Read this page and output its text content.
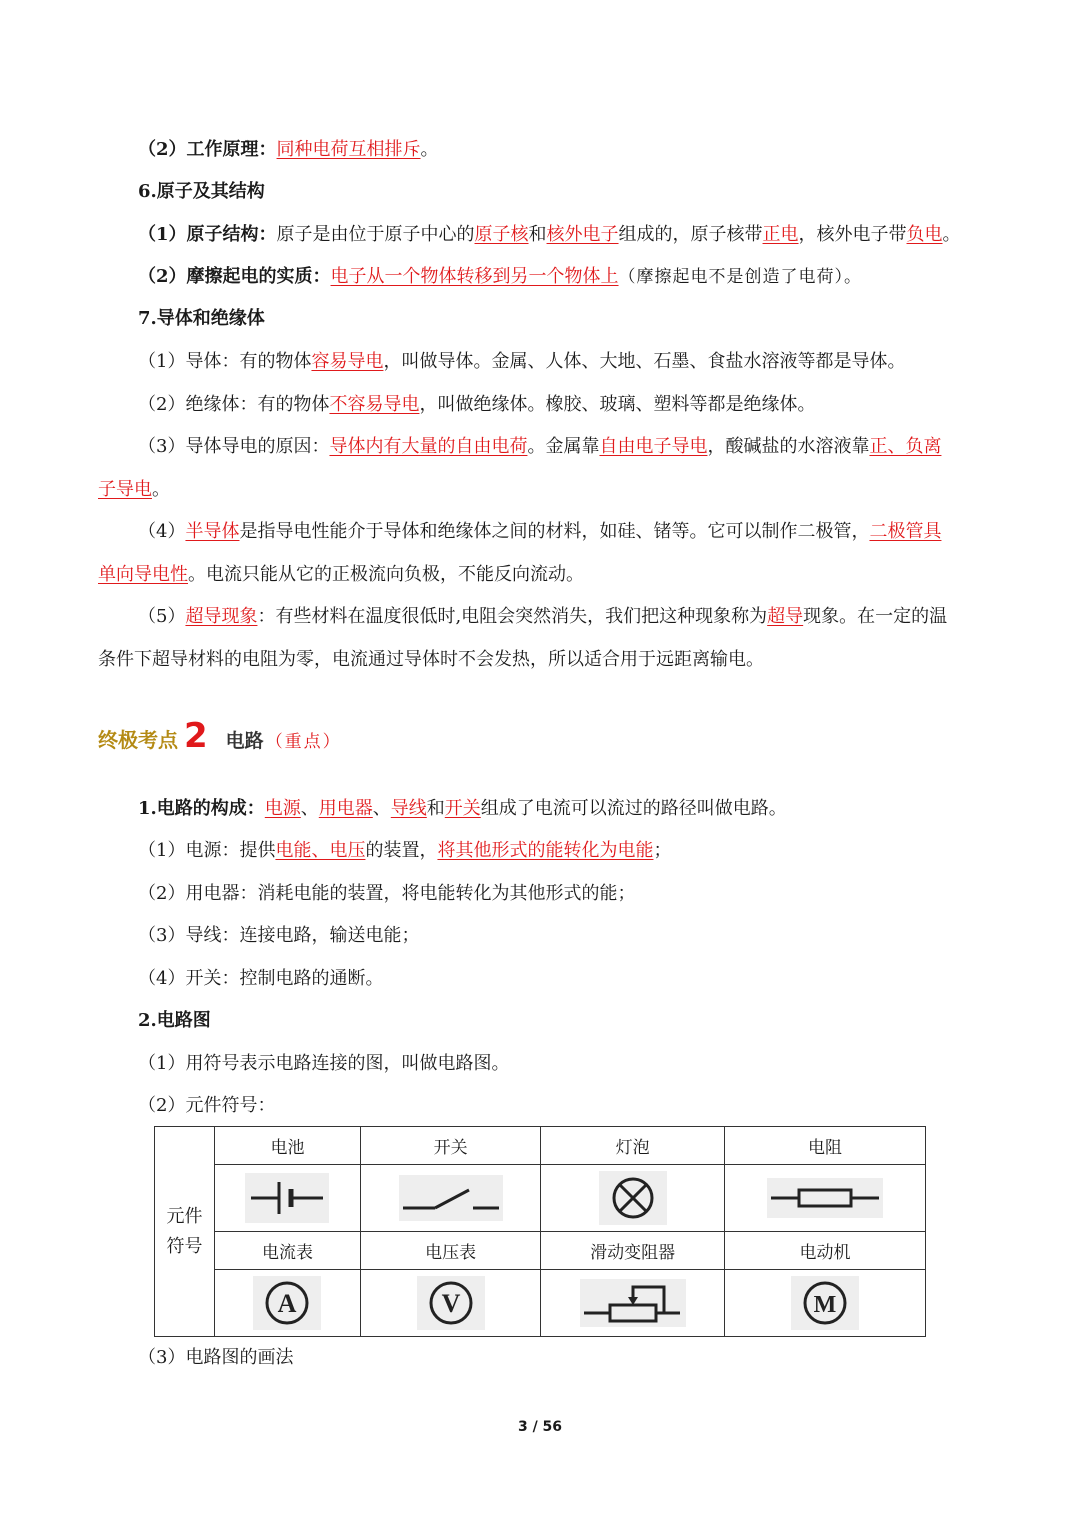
（2）工作原理：同种电荷互相排斥。
6.原子及其结构
（1）原子结构：原子是由位于原子中心的原子核和核外电子组成的，原子核带正电，核外电子带负电。
（2）摩擦起电的实质：电子从一个物体转移到另一个物体上（摩擦起电不是创造了电荷）。
7.导体和绝缘体
（1）导体：有的物体容易导电，叫做导体。金属、人体、大地、石墨、食盐水溶液等都是导体。
（2）绝缘体：有的物体不容易导电，叫做绝缘体。橡胶、玻璃、塑料等都是绝缘体。
（3）导体导电的原因：导体内有大量的自由电荷。金属靠自由电子导电，酸碱盐的水溶液靠正、负离
子导电。
（4）半导体是指导电性能介于导体和绝缘体之间的材料，如硅、锗等。它可以制作二极管，二极管具
单向导电性。电流只能从它的正极流向负极，不能反向流动。
（5）超导现象：有些材料在温度很低时,电阻会突然消失，我们把这种现象称为超导现象。在一定的温
条件下超导材料的电阻为零，电流通过导体时不会发热，所以适合用于远距离输电。
终极考点 2 电路 （重点）
1.电路的构成：电源、用电器、导线和开关组成了电流可以流过的路径叫做电路。
（1）电源：提供电能、电压的装置，将其他形式的能转化为电能；
（2）用电器：消耗电能的装置，将电能转化为其他形式的能；
（3）导线：连接电路，输送电能；
（4）开关：控制电路的通断。
2.电路图
（1）用符号表示电路连接的图，叫做电路图。
（2）元件符号：
元件
符号	电池	开关	灯泡	电阻

	电流表	电压表	滑动变阻器	电动机

A	V		M
（3）电路图的画法
3 / 56
